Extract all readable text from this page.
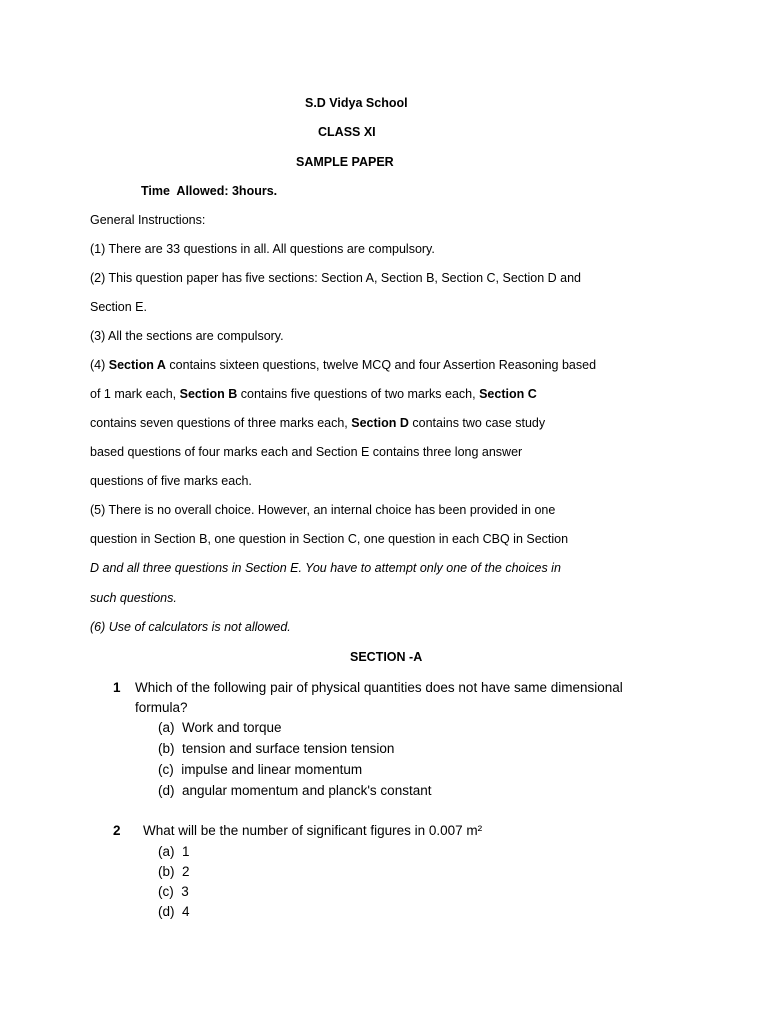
S.D Vidya School
CLASS XI
SAMPLE PAPER
Time  Allowed: 3hours.
General Instructions:
(1) There are 33 questions in all. All questions are compulsory.
(2) This question paper has five sections: Section A, Section B, Section C, Section D and
Section E.
(3) All the sections are compulsory.
(4) Section A contains sixteen questions, twelve MCQ and four Assertion Reasoning based
of 1 mark each, Section B contains five questions of two marks each, Section C
contains seven questions of three marks each, Section D contains two case study
based questions of four marks each and Section E contains three long answer
questions of five marks each.
(5) There is no overall choice. However, an internal choice has been provided in one
question in Section B, one question in Section C, one question in each CBQ in Section
D and all three questions in Section E. You have to attempt only one of the choices in
such questions.
(6) Use of calculators is not allowed.
SECTION -A
1 Which of the following pair of physical quantities does not have same dimensional
formula?
(a)  Work and torque
(b)  tension and surface tension tension
(c)  impulse and linear momentum
(d)  angular momentum and planck's constant
2 What will be the number of significant figures in 0.007 m²
(a)  1
(b)  2
(c)  3
(d)  4
